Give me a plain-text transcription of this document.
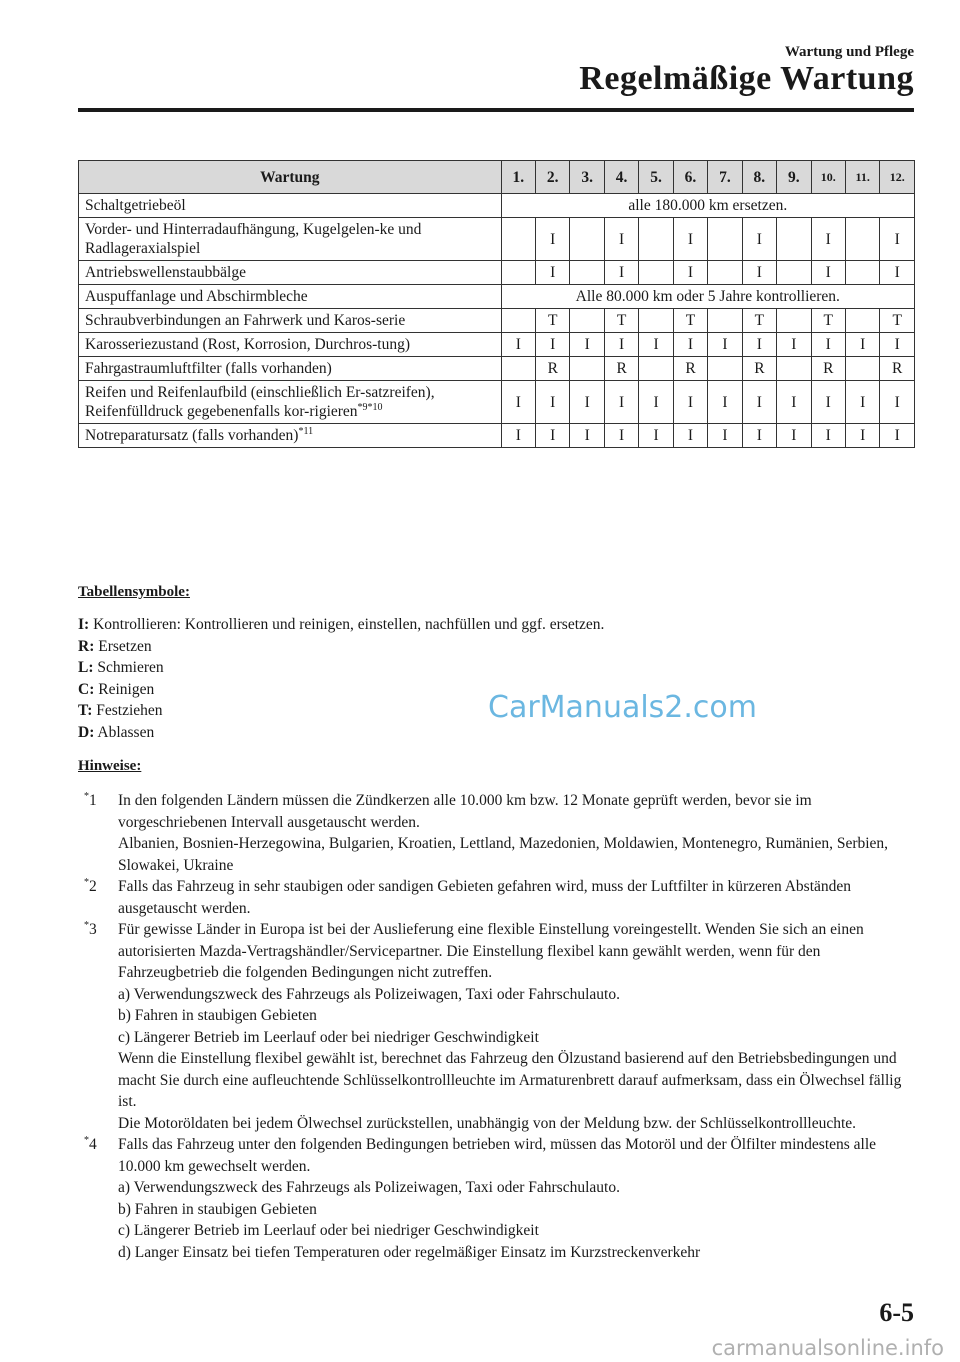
Wartung und Pflege
Regelmäßige Wartung
Wartung	1.	2.	3.	4.	5.	6.	7.	8.	9.	10.	11.	12.
Schaltgetriebeöl	alle 180.000 km ersetzen.											
Vorder- und Hinterradaufhängung, Kugelgelen-ke und Radlageraxialspiel		I		I		I		I		I		I
Antriebswellenstaubbälge		I		I		I		I		I		I
Auspuffanlage und Abschirmbleche	Alle 80.000 km oder 5 Jahre kontrollieren.											
Schraubverbindungen an Fahrwerk und Karos-serie		T		T		T		T		T		T
Karosseriezustand (Rost, Korrosion, Durchros-tung)	I	I	I	I	I	I	I	I	I	I	I	I
Fahrgastraumluftfilter (falls vorhanden)		R		R		R		R		R		R
Reifen und Reifenlaufbild (einschließlich Er-satzreifen), Reifenfülldruck gegebenenfalls kor-rigieren$^{*9*10}$	I	I	I	I	I	I	I	I	I	I	I	I
Notreparatursatz (falls vorhanden)$^{*11}$	I	I	I	I	I	I	I	I	I	I	I	I
Tabellensymbole:
I: Kontrollieren: Kontrollieren und reinigen, einstellen, nachfüllen und ggf. ersetzen.
R: Ersetzen
L: Schmieren
C: Reinigen
T: Festziehen
D: Ablassen
CarManuals2.com
Hinweise:
*1 In den folgenden Ländern müssen die Zündkerzen alle 10.000 km bzw. 12 Monate geprüft werden, bevor sie im vorgeschriebenen Intervall ausgetauscht werden.

Albanien, Bosnien-Herzegowina, Bulgarien, Kroatien, Lettland, Mazedonien, Moldawien, Montenegro, Rumänien, Serbien, Slowakei, Ukraine

*2 Falls das Fahrzeug in sehr staubigen oder sandigen Gebieten gefahren wird, muss der Luftfilter in kürzeren Abständen ausgetauscht werden.

*3 Für gewisse Länder in Europa ist bei der Auslieferung eine flexible Einstellung voreingestellt. Wenden Sie sich an einen autorisierten Mazda-Vertragshändler/Servicepartner. Die Einstellung flexibel kann gewählt werden, wenn für den Fahrzeugbetrieb die folgenden Bedingungen nicht zutreffen.

a) Verwendungszweck des Fahrzeugs als Polizeiwagen, Taxi oder Fahrschulauto.

b) Fahren in staubigen Gebieten

c) Längerer Betrieb im Leerlauf oder bei niedriger Geschwindigkeit

Wenn die Einstellung flexibel gewählt ist, berechnet das Fahrzeug den Ölzustand basierend auf den Betriebsbedingungen und macht Sie durch eine aufleuchtende Schlüsselkontrollleuchte im Armaturenbrett darauf aufmerksam, dass ein Ölwechsel fällig ist.

Die Motoröldaten bei jedem Ölwechsel zurückstellen, unabhängig von der Meldung bzw. der Schlüsselkontrollleuchte.

*4 Falls das Fahrzeug unter den folgenden Bedingungen betrieben wird, müssen das Motoröl und der Ölfilter mindestens alle 10.000 km gewechselt werden.

a) Verwendungszweck des Fahrzeugs als Polizeiwagen, Taxi oder Fahrschulauto.

b) Fahren in staubigen Gebieten

c) Längerer Betrieb im Leerlauf oder bei niedriger Geschwindigkeit

d) Langer Einsatz bei tiefen Temperaturen oder regelmäßiger Einsatz im Kurzstreckenverkehr

6-5
carmanualsonline.info
